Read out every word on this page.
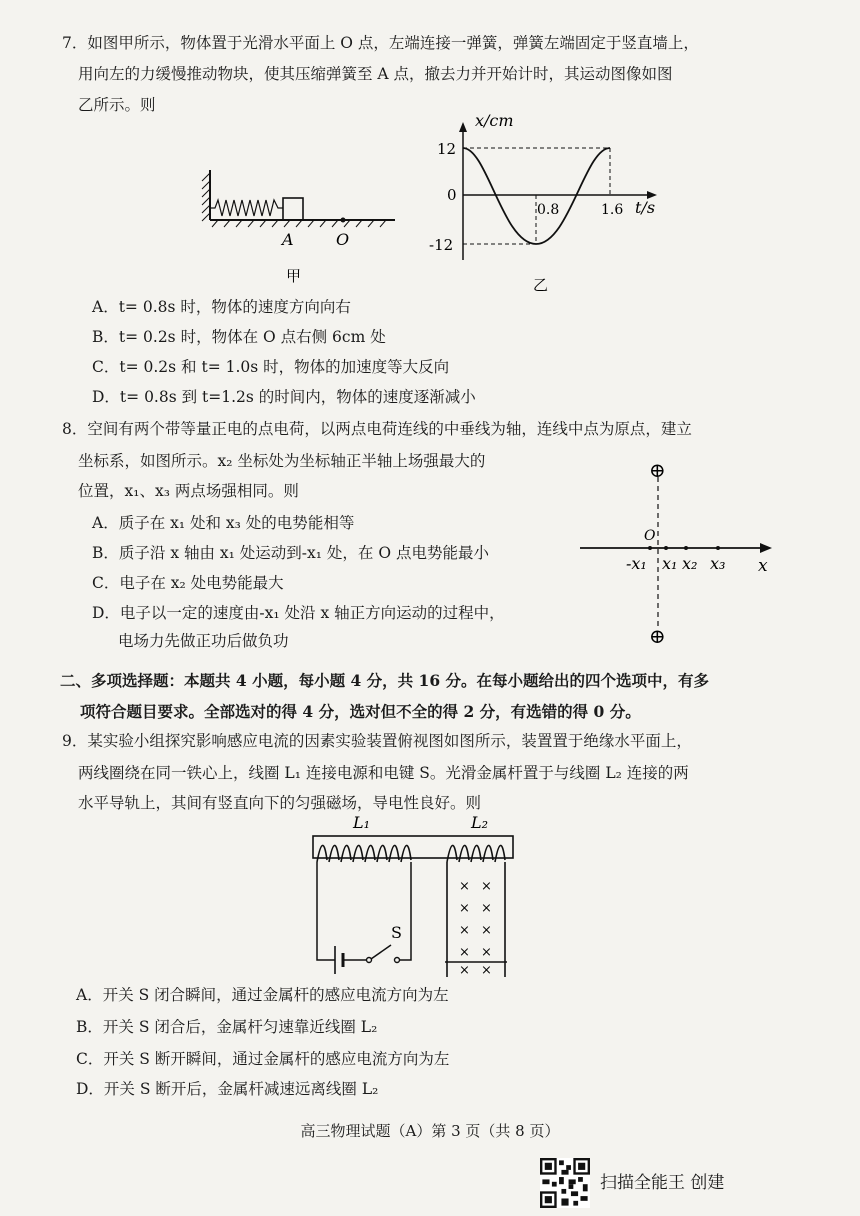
7．如图甲所示，物体置于光滑水平面上 O 点，左端连接一弹簧，弹簧左端固定于竖直墙上，
用向左的力缓慢推动物块，使其压缩弹簧至 A 点，撤去力并开始计时，其运动图像如图
乙所示。则
A	O
甲
x/cm
t/s
12
0
-12
0.8	1.6
乙
A．t= 0.8s 时，物体的速度方向向右
B．t= 0.2s 时，物体在 O 点右侧 6cm 处
C．t= 0.2s 和 t= 1.0s 时，物体的加速度等大反向
D．t= 0.8s 到 t=1.2s 的时间内，物体的速度逐渐减小
8．空间有两个带等量正电的点电荷，以两点电荷连线的中垂线为轴，连线中点为原点，建立
坐标系，如图所示。x₂ 坐标处为坐标轴正半轴上场强最大的
位置，x₁、x₃ 两点场强相同。则
A．质子在 x₁ 处和 x₃ 处的电势能相等
B．质子沿 x 轴由 x₁ 处运动到-x₁ 处，在 O 点电势能最小
C．电子在 x₂ 处电势能最大
D．电子以一定的速度由-x₁ 处沿 x 轴正方向运动的过程中，
电场力先做正功后做负功
⊕
⊕
O
-x₁ x₁ x₂ x₃ x
二、多项选择题：本题共 4 小题，每小题 4 分，共 16 分。在每小题给出的四个选项中，有多
项符合题目要求。全部选对的得 4 分，选对但不全的得 2 分，有选错的得 0 分。
9．某实验小组探究影响感应电流的因素实验装置俯视图如图所示，装置置于绝缘水平面上，
两线圈绕在同一铁心上，线圈 L₁ 连接电源和电键 S。光滑金属杆置于与线圈 L₂ 连接的两
水平导轨上，其间有竖直向下的匀强磁场，导电性良好。则
L₁	L₂
S
× ×
× ×
× ×
× ×
× ×
A．开关 S 闭合瞬间，通过金属杆的感应电流方向为左
B．开关 S 闭合后，金属杆匀速靠近线圈 L₂
C．开关 S 断开瞬间，通过金属杆的感应电流方向为左
D．开关 S 断开后，金属杆减速远离线圈 L₂
高三物理试题（A）第 3 页（共 8 页）
扫描全能王 创建
